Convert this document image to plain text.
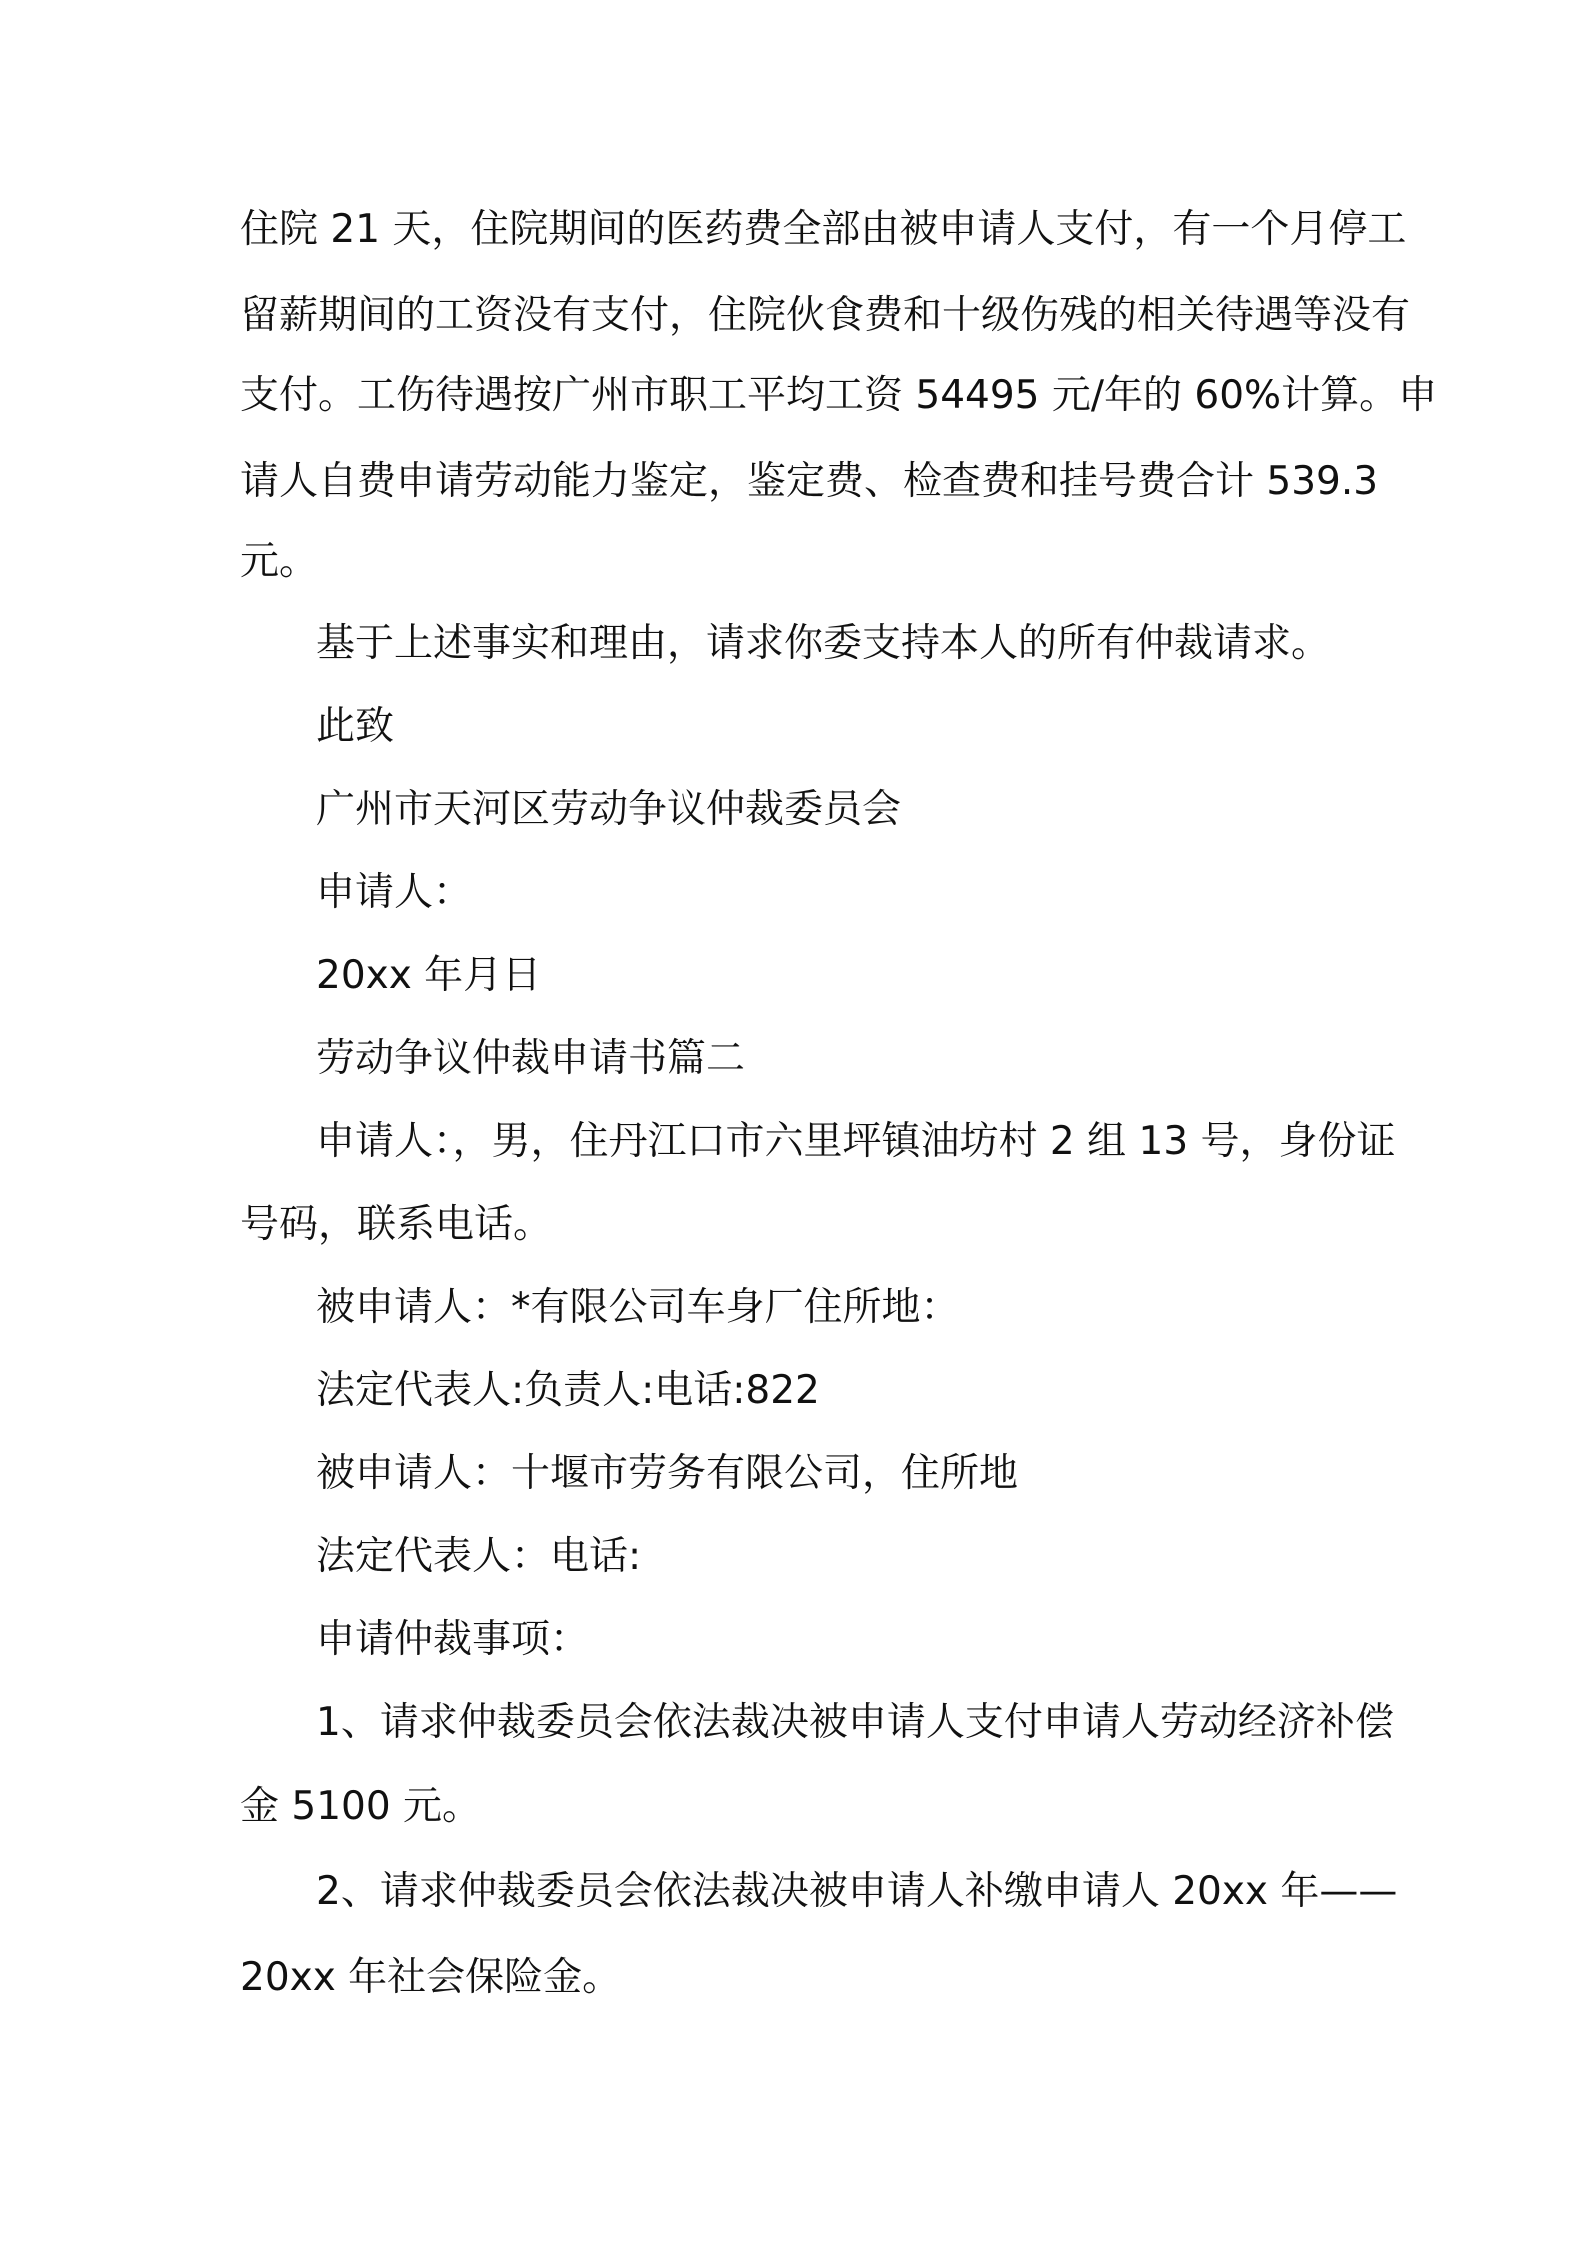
住院 21 天，住院期间的医药费全部由被申请人支付，有一个月停工
留薪期间的工资没有支付，住院伙食费和十级伤残的相关待遇等没有
支付。工伤待遇按广州市职工平均工资 54495 元/年的 60%计算。申
请人自费申请劳动能力鉴定，鉴定费、检查费和挂号费合计 539.3
元。
基于上述事实和理由，请求你委支持本人的所有仲裁请求。
此致
广州市天河区劳动争议仲裁委员会
申请人：
20xx 年月日
劳动争议仲裁申请书篇二
申请人：，男，住丹江口市六里坪镇油坊村 2 组 13 号，身份证
号码，联系电话。
被申请人：*有限公司车身厂住所地：
法定代表人:负责人:电话:822
被申请人：十堰市劳务有限公司，住所地
法定代表人：电话:
申请仲裁事项：
1、请求仲裁委员会依法裁决被申请人支付申请人劳动经济补偿
金 5100 元。
2、请求仲裁委员会依法裁决被申请人补缴申请人 20xx 年——
20xx 年社会保险金。
